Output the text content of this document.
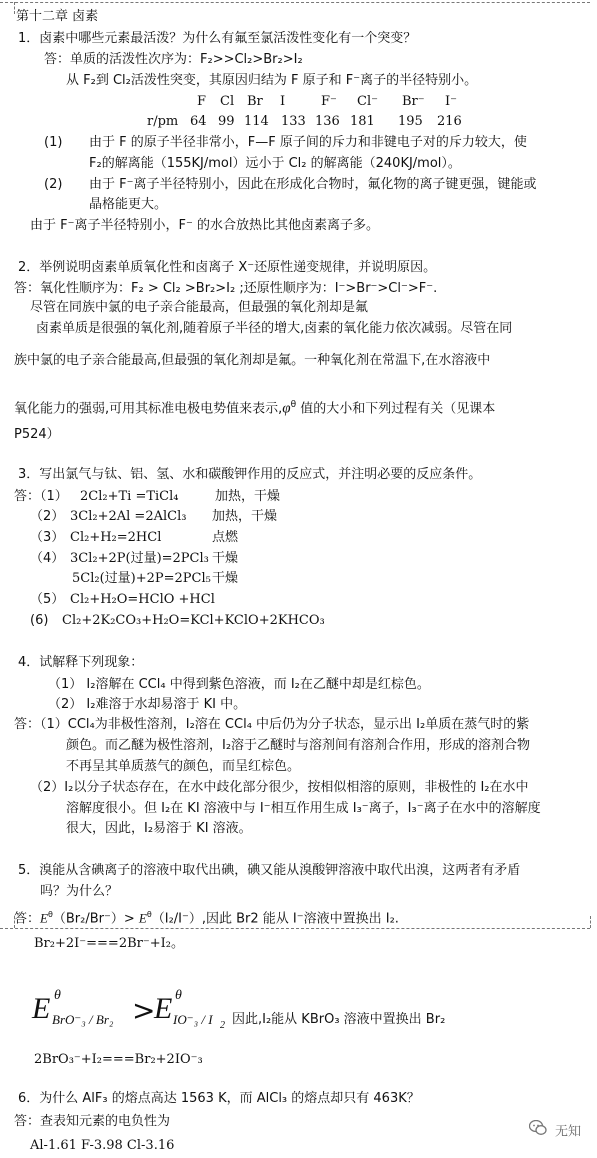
第十二章 卤素
1．卤素中哪些元素最活泼？为什么有氟至氯活泼性变化有一个突变？
答：单质的活泼性次序为：F₂>>Cl₂>Br₂>I₂
从 F₂到 Cl₂活泼性突变，其原因归结为 F 原子和 F⁻离子的半径特别小。
F Cl Br I	F⁻ Cl⁻ Br⁻ I⁻
r/pm 64 99 114 133 136 181 195 216
(1) 由于 F 的原子半径非常小，F—F 原子间的斥力和非键电子对的斥力较大，使
F₂的解离能（155KJ/mol）远小于 Cl₂ 的解离能（240KJ/mol）。
(2) 由于 F⁻离子半径特别小，因此在形成化合物时，氟化物的离子键更强，键能或
晶格能更大。
由于 F⁻离子半径特别小，F⁻ 的水合放热比其他卤素离子多。
2．举例说明卤素单质氧化性和卤离子 X⁻还原性递变规律，并说明原因。
答：氧化性顺序为：F₂ > Cl₂ >Br₂>I₂ ;还原性顺序为：I⁻>Br⁻>Cl⁻>F⁻.
尽管在同族中氯的电子亲合能最高，但最强的氧化剂却是氟
卤素单质是很强的氧化剂,随着原子半径的增大,卤素的氧化能力依次减弱。尽管在同
族中氯的电子亲合能最高,但最强的氧化剂却是氟。一种氧化剂在常温下,在水溶液中
氧化能力的强弱,可用其标准电极电势值来表示$,\varphi^\theta$ 值的大小和下列过程有关（见课本
P524）
3．写出氯气与钛、铝、氢、水和碳酸钾作用的反应式，并注明必要的反应条件。
答：（1） 2Cl₂+Ti =TiCl₄	加热，干燥
（2） 3Cl₂+2Al =2AlCl₃ 加热，干燥
（3） Cl₂+H₂=2HCl	点燃
（4） 3Cl₂+2P(过量)=2PCl₃ 干燥
5Cl₂(过量)+2P=2PCl₅ 干燥
（5） Cl₂+H₂O=HClO +HCl
(6) Cl₂+2K₂CO₃+H₂O=KCl+KClO+2KHCO₃
4．试解释下列现象：
（1） I₂溶解在 CCl₄ 中得到紫色溶液，而 I₂在乙醚中却是红棕色。
（2） I₂难溶于水却易溶于 KI 中。
答：（1）CCl₄为非极性溶剂，I₂溶在 CCl₄ 中后仍为分子状态，显示出 I₂单质在蒸气时的紫
颜色。而乙醚为极性溶剂，I₂溶于乙醚时与溶剂间有溶剂合作用，形成的溶剂合物
不再呈其单质蒸气的颜色，而呈红棕色。
（2）I₂以分子状态存在，在水中歧化部分很少，按相似相溶的原则，非极性的 I₂在水中
溶解度很小。但 I₂在 KI 溶液中与 I⁻相互作用生成 I₃⁻离子，I₃⁻离子在水中的溶解度
很大，因此，I₂易溶于 KI 溶液。
5．溴能从含碘离子的溶液中取代出碘，碘又能从溴酸钾溶液中取代出溴，这两者有矛盾
吗？为什么？
答：$E^\theta(Br_2/Br^-)> E^\theta(I_2/I^-)$,因此 Br2 能从 I⁻溶液中置换出 I₂.
Br₂+2I⁻===2Br⁻+I₂。
E θ
BrO⁻₃ / Br₂ >
E θ
IO⁻₃ / I 2 因此,I₂能从 KBrO₃ 溶液中置换出 Br₂
2BrO₃⁻+I₂===Br₂+2IO⁻₃
6．为什么 AlF₃ 的熔点高达 1563 K，而 AlCl₃ 的熔点却只有 463K？
答：查表知元素的电负性为
Al-1.61 F-3.98 Cl-3.16
无知
